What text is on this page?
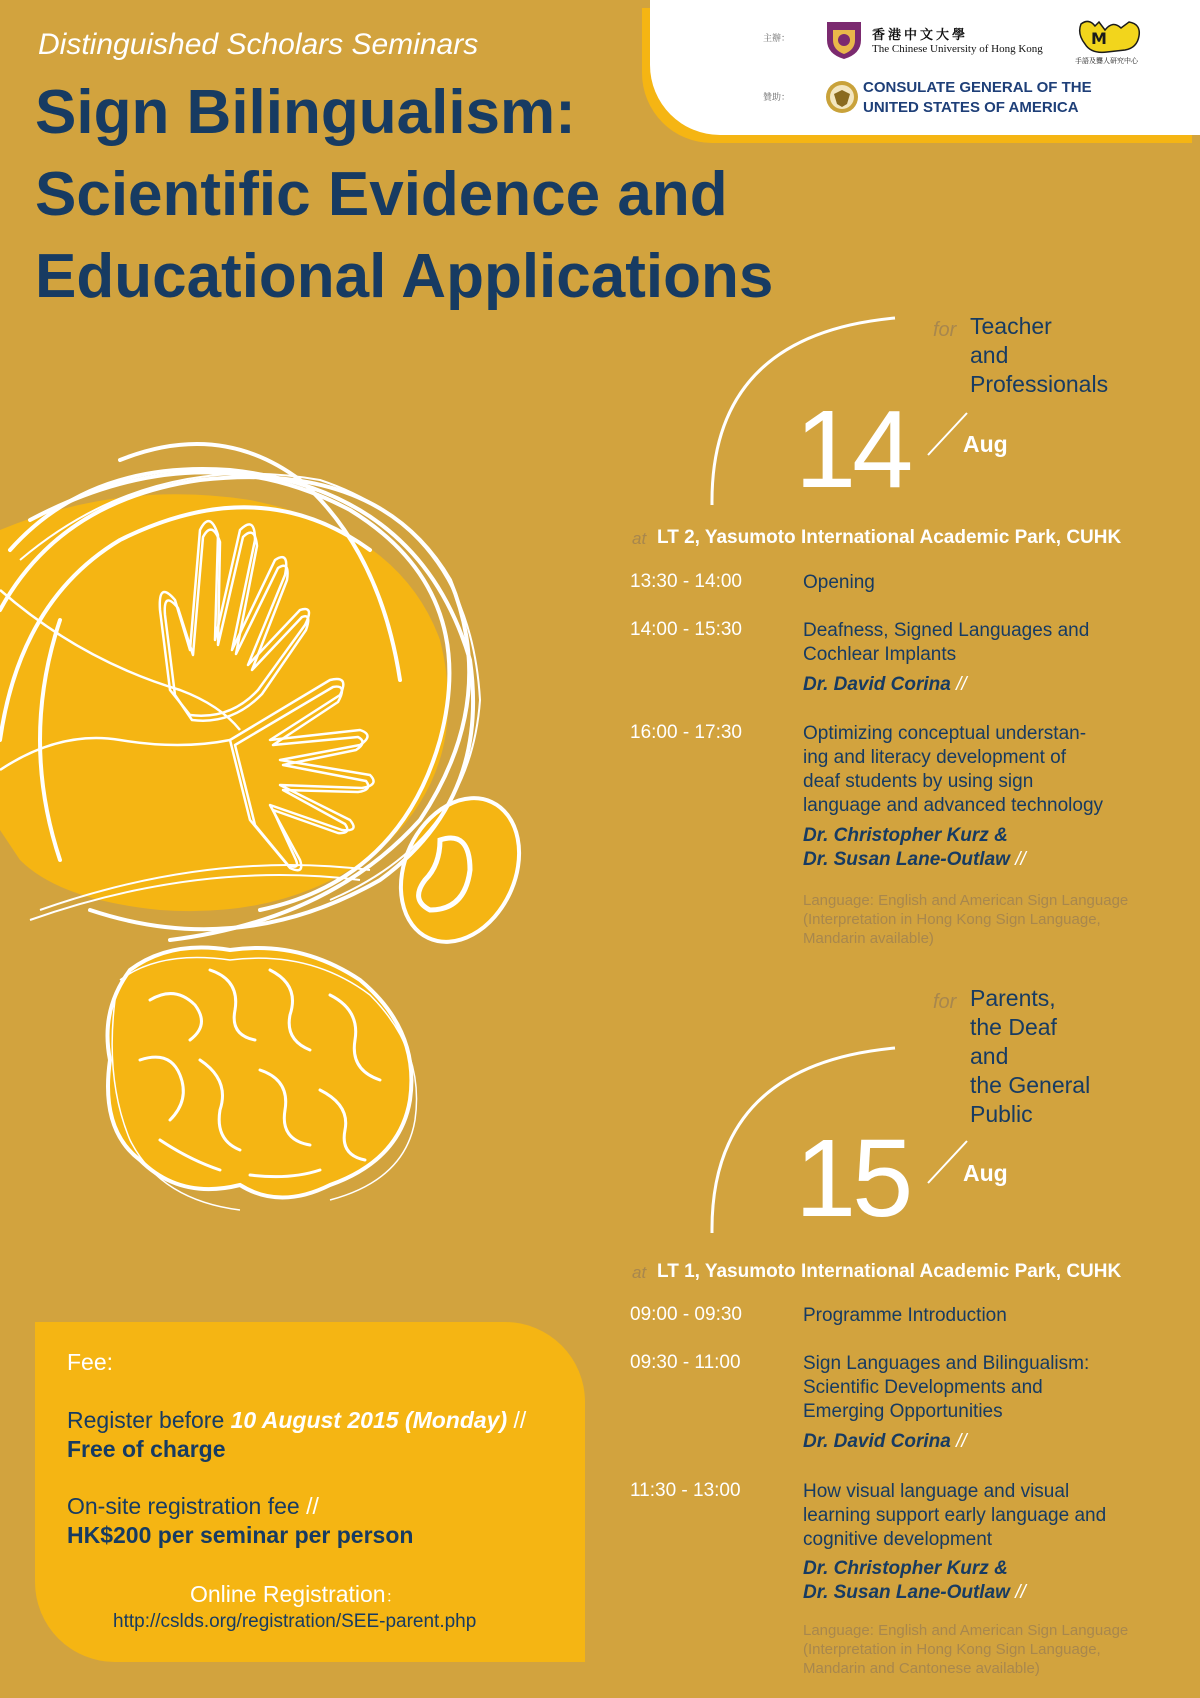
主辦：	香港中文大學
The Chinese University of Hong Kong
M
手語及聾人研究中心
贊助：
CONSULATE GENERAL OF THE
UNITED STATES OF AMERICA
Distinguished Scholars Seminars
Sign Bilingualism:
Scientific Evidence and
Educational Applications
for Teacher
and
Professionals
14 Aug
at LT 2, Yasumoto International Academic Park, CUHK
13:30 - 14:00	Opening
14:00 - 15:30	Deafness, Signed Languages and
Cochlear Implants
Dr. David Corina //
16:00 - 17:30	Optimizing conceptual understan-
ing and literacy development of
deaf students by using sign
language and advanced technology
Dr. Christopher Kurz &
Dr. Susan Lane-Outlaw //
Language: English and American Sign Language
(Interpretation in Hong Kong Sign Language,
Mandarin available)
for Parents,
the Deaf
and
the General
Public
15 Aug
at LT 1, Yasumoto International Academic Park, CUHK
09:00 - 09:30	Programme Introduction
09:30 - 11:00	Sign Languages and Bilingualism:
Scientific Developments and
Emerging Opportunities
Dr. David Corina //
11:30 - 13:00	How visual language and visual
learning support early language and
cognitive development
Dr. Christopher Kurz &
Dr. Susan Lane-Outlaw //
Language: English and American Sign Language
(Interpretation in Hong Kong Sign Language,
Mandarin and Cantonese available)
Fee:
Register before 10 August 2015 (Monday) //
Free of charge
On-site registration fee //
HK$200 per seminar per person
Online Registration：
http://cslds.org/registration/SEE-parent.php
